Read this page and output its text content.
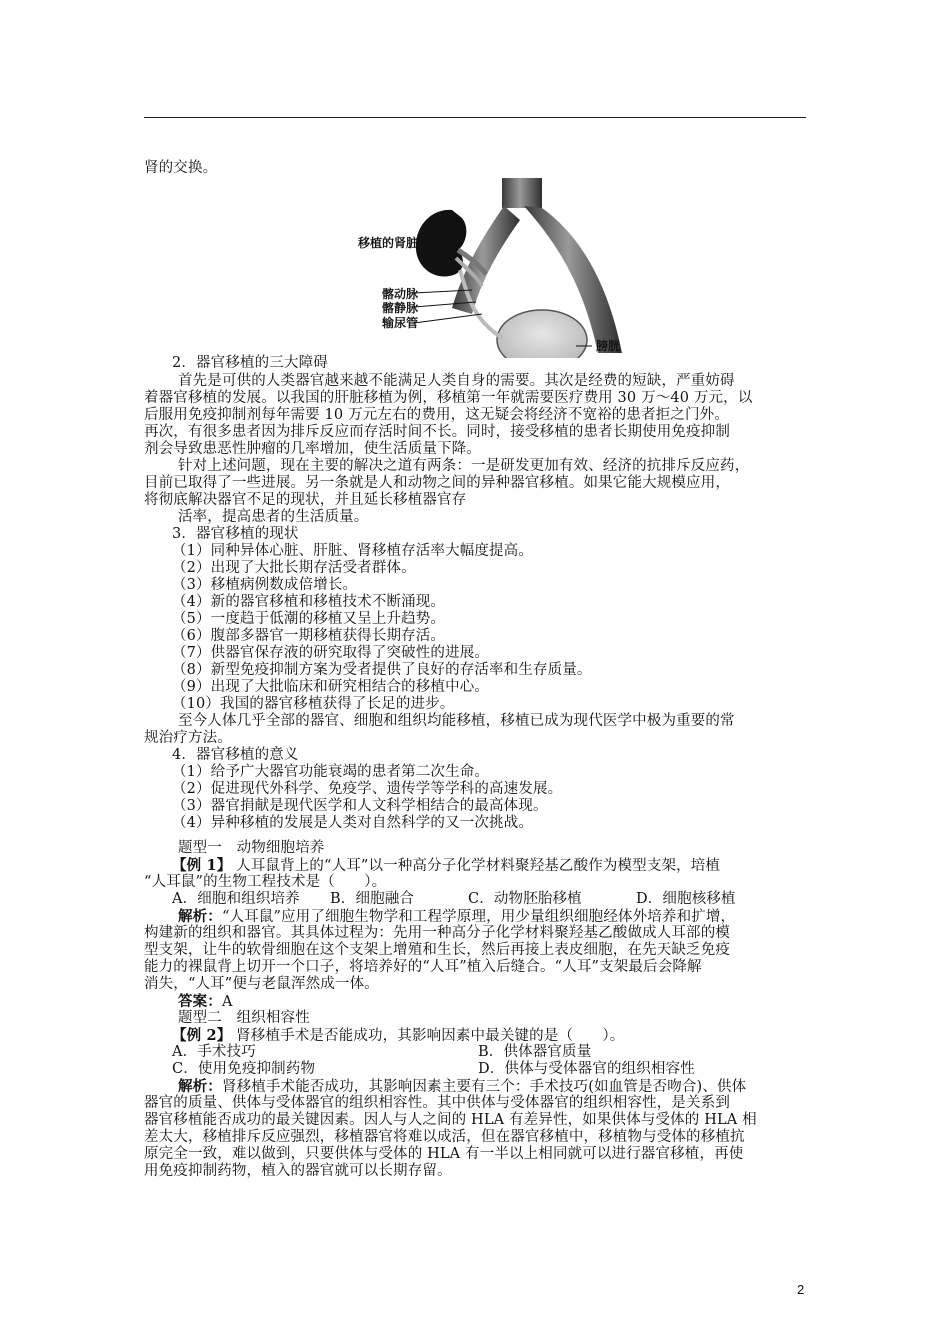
肾的交换。
移植的肾脏
髂动脉
髂静脉
输尿管
膀胱
2．器官移植的三大障碍
首先是可供的人类器官越来越不能满足人类自身的需要。其次是经费的短缺，严重妨碍
着器官移植的发展。以我国的肝脏移植为例，移植第一年就需要医疗费用 30 万～40 万元，以
后服用免疫抑制剂每年需要 10 万元左右的费用，这无疑会将经济不宽裕的患者拒之门外。
再次，有很多患者因为排斥反应而存活时间不长。同时，接受移植的患者长期使用免疫抑制
剂会导致患恶性肿瘤的几率增加，使生活质量下降。
针对上述问题，现在主要的解决之道有两条：一是研发更加有效、经济的抗排斥反应药，
目前已取得了一些进展。另一条就是人和动物之间的异种器官移植。如果它能大规模应用，
将彻底解决器官不足的现状，并且延长移植器官存
活率，提高患者的生活质量。
3．器官移植的现状
（1）同种异体心脏、肝脏、肾移植存活率大幅度提高。
（2）出现了大批长期存活受者群体。
（3）移植病例数成倍增长。
（4）新的器官移植和移植技术不断涌现。
（5）一度趋于低潮的移植又呈上升趋势。
（6）腹部多器官一期移植获得长期存活。
（7）供器官保存液的研究取得了突破性的进展。
（8）新型免疫抑制方案为受者提供了良好的存活率和生存质量。
（9）出现了大批临床和研究相结合的移植中心。
（10）我国的器官移植获得了长足的进步。
至今人体几乎全部的器官、细胞和组织均能移植，移植已成为现代医学中极为重要的常
规治疗方法。
4．器官移植的意义
（1）给予广大器官功能衰竭的患者第二次生命。
（2）促进现代外科学、免疫学、遗传学等学科的高速发展。
（3）器官捐献是现代医学和人文科学相结合的最高体现。
（4）异种移植的发展是人类对自然科学的又一次挑战。
题型一　动物细胞培养
【例 1】 人耳鼠背上的“人耳”以一种高分子化学材料聚羟基乙酸作为模型支架，培植
“人耳鼠”的生物工程技术是（　　）。
A．细胞和组织培养 B．细胞融合	C．动物胚胎移植	D．细胞核移植
解析：“人耳鼠”应用了细胞生物学和工程学原理，用少量组织细胞经体外培养和扩增，
构建新的组织和器官。其具体过程为：先用一种高分子化学材料聚羟基乙酸做成人耳部的模
型支架，让牛的软骨细胞在这个支架上增殖和生长，然后再接上表皮细胞，在先天缺乏免疫
能力的裸鼠背上切开一个口子，将培养好的“人耳”植入后缝合。“人耳”支架最后会降解
消失，“人耳”便与老鼠浑然成一体。
答案：A
题型二　组织相容性
【例 2】 肾移植手术是否能成功，其影响因素中最关键的是（　　）。
A．手术技巧	B．供体器官质量
C．使用免疫抑制药物	D．供体与受体器官的组织相容性
解析：肾移植手术能否成功，其影响因素主要有三个：手术技巧(如血管是否吻合)、供体
器官的质量、供体与受体器官的组织相容性。其中供体与受体器官的组织相容性，是关系到
器官移植能否成功的最关键因素。因人与人之间的 HLA 有差异性，如果供体与受体的 HLA 相
差太大，移植排斥反应强烈，移植器官将难以成活，但在器官移植中，移植物与受体的移植抗
原完全一致，难以做到，只要供体与受体的 HLA 有一半以上相同就可以进行器官移植，再使
用免疫抑制药物，植入的器官就可以长期存留。
2
